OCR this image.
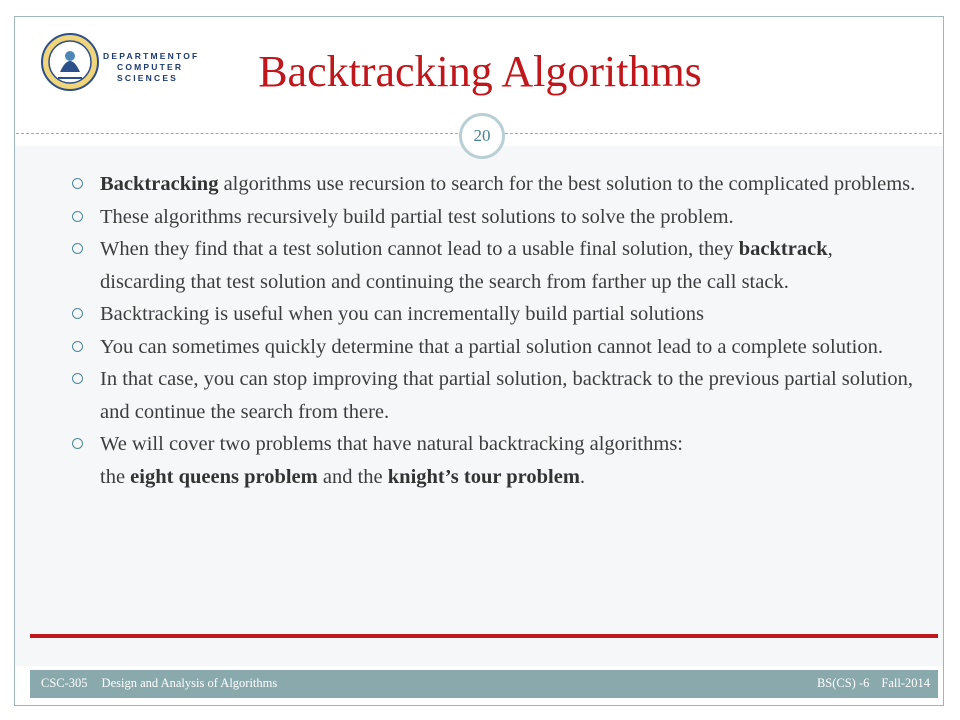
DEPARTMENTOF
COMPUTER
SCIENCES	Backtracking Algorithms
20
Backtracking algorithms use recursion to search for the best solution to the complicated problems.
These algorithms recursively build partial test solutions to solve the problem.
When they find that a test solution cannot lead to a usable final solution, they backtrack, discarding that test solution and continuing the search from farther up the call stack.
Backtracking is useful when you can incrementally build partial solutions
You can sometimes quickly determine that a partial solution cannot lead to a complete solution.
In that case, you can stop improving that partial solution, backtrack to the previous partial solution, and continue the search from there.
We will cover two problems that have natural backtracking algorithms:
the eight queens problem and the knight’s tour problem.
CSC-305 Design and Analysis of Algorithms	BS(CS) -6 Fall-2014
